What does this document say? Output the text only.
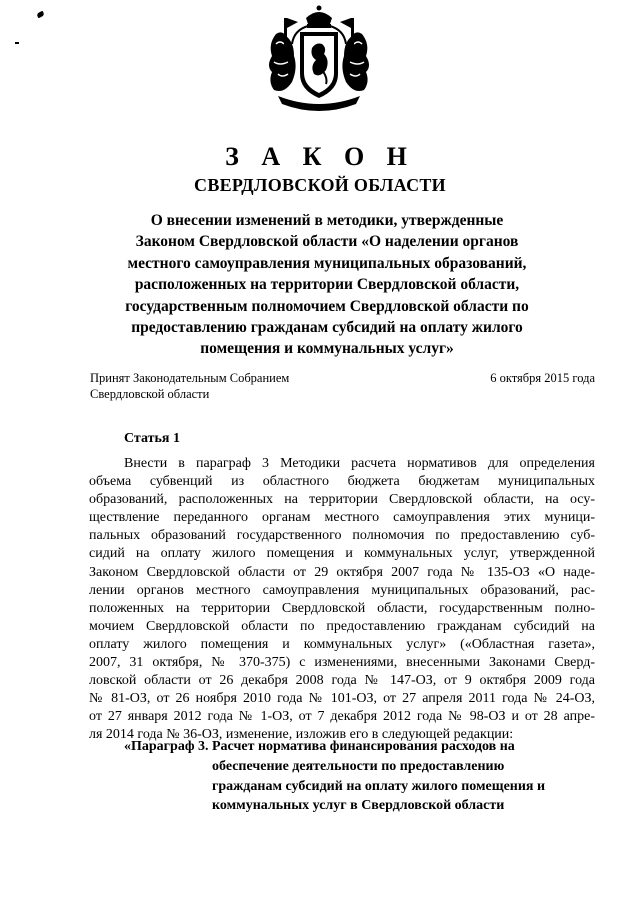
З А К О Н
СВЕРДЛОВСКОЙ ОБЛАСТИ
О внесении изменений в методики, утвержденные
Законом Свердловской области «О наделении органов
местного самоуправления муниципальных образований,
расположенных на территории Свердловской области,
государственным полномочием Свердловской области по
предоставлению гражданам субсидий на оплату жилого
помещения и коммунальных услуг»
Принят Законодательным Собранием
Свердловской области
6 октября 2015 года
Статья 1
Внести в параграф 3 Методики расчета нормативов для определения
объема субвенций из областного бюджета бюджетам муниципальных
образований, расположенных на территории Свердловской области, на осу-
ществление переданного органам местного самоуправления этих муници-
пальных образований государственного полномочия по предоставлению суб-
сидий на оплату жилого помещения и коммунальных услуг, утвержденной
Законом Свердловской области от 29 октября 2007 года № 135-ОЗ «О наде-
лении органов местного самоуправления муниципальных образований, рас-
положенных на территории Свердловской области, государственным полно-
мочием Свердловской области по предоставлению гражданам субсидий на
оплату жилого помещения и коммунальных услуг» («Областная газета»,
2007, 31 октября, № 370-375) с изменениями, внесенными Законами Сверд-
ловской области от 26 декабря 2008 года № 147-ОЗ, от 9 октября 2009 года
№ 81-ОЗ, от 26 ноября 2010 года № 101-ОЗ, от 27 апреля 2011 года № 24-ОЗ,
от 27 января 2012 года № 1-ОЗ, от 7 декабря 2012 года № 98-ОЗ и от 28 апре-
ля 2014 года № 36-ОЗ, изменение, изложив его в следующей редакции:
«Параграф 3. Расчет норматива финансирования расходов на
обеспечение деятельности по предоставлению
гражданам субсидий на оплату жилого помещения и
коммунальных услуг в Свердловской области
